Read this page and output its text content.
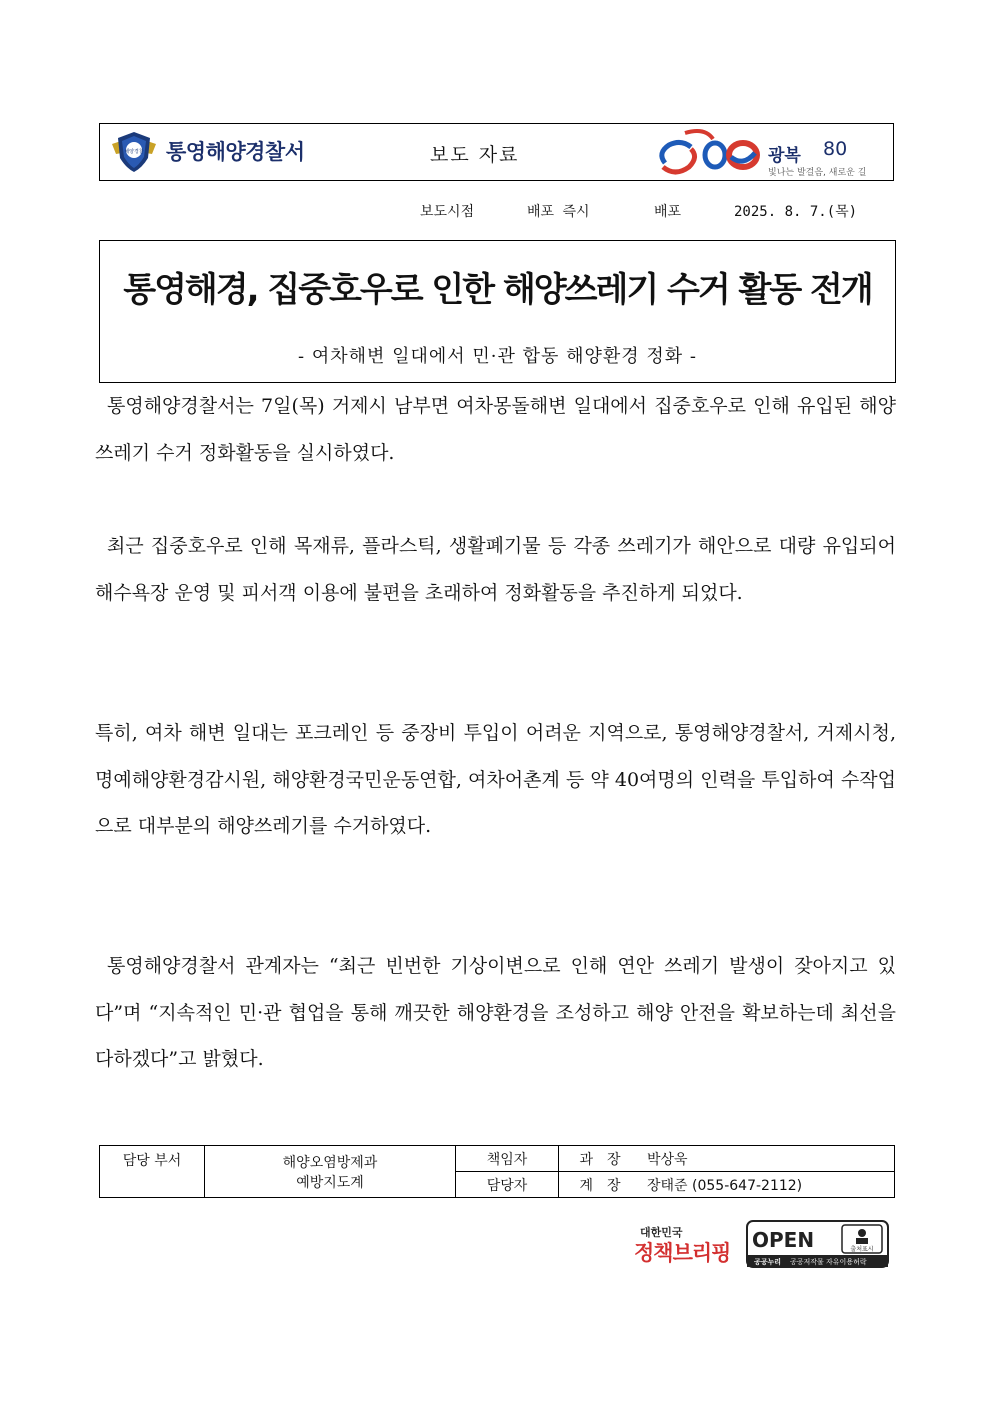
해양경찰 통영해양경찰서	보도 자료	광복 80
빛나는 발걸음, 새로운 길

보도시점

	배포 즉시

	배포

	2025. 8. 7.(목)

통영해경, 집중호우로 인한 해양쓰레기 수거 활동 전개
- 여차해변 일대에서 민·관 합동 해양환경 정화 -
통영해양경찰서는 7일(목) 거제시 남부면 여차몽돌해변 일대에서 집중호우로 인해 유입된 해양쓰레기 수거 정화활동을 실시하였다.
최근 집중호우로 인해 목재류, 플라스틱, 생활폐기물 등 각종 쓰레기가 해안으로 대량 유입되어 해수욕장 운영 및 피서객 이용에 불편을 초래하여 정화활동을 추진하게 되었다.
특히, 여차 해변 일대는 포크레인 등 중장비 투입이 어려운 지역으로, 통영해양경찰서, 거제시청, 명예해양환경감시원, 해양환경국민운동연합, 여차어촌계 등 약 40여명의 인력을 투입하여 수작업으로 대부분의 해양쓰레기를 수거하였다.
통영해양경찰서 관계자는 “최근 빈번한 기상이변으로 인해 연안 쓰레기 발생이 잦아지고 있다”며 “지속적인 민·관 협업을 통해 깨끗한 해양환경을 조성하고 해양 안전을 확보하는데 최선을 다하겠다”고 밝혔다.
담당 부서	해양오염방제과
예방지도계	책임자	과　장	박상욱
		담당자	계　장	장태준 (055-647-2112)
대한민국
정책브리핑
OPEN	출처표시
공공누리 공공저작물 자유이용허락
